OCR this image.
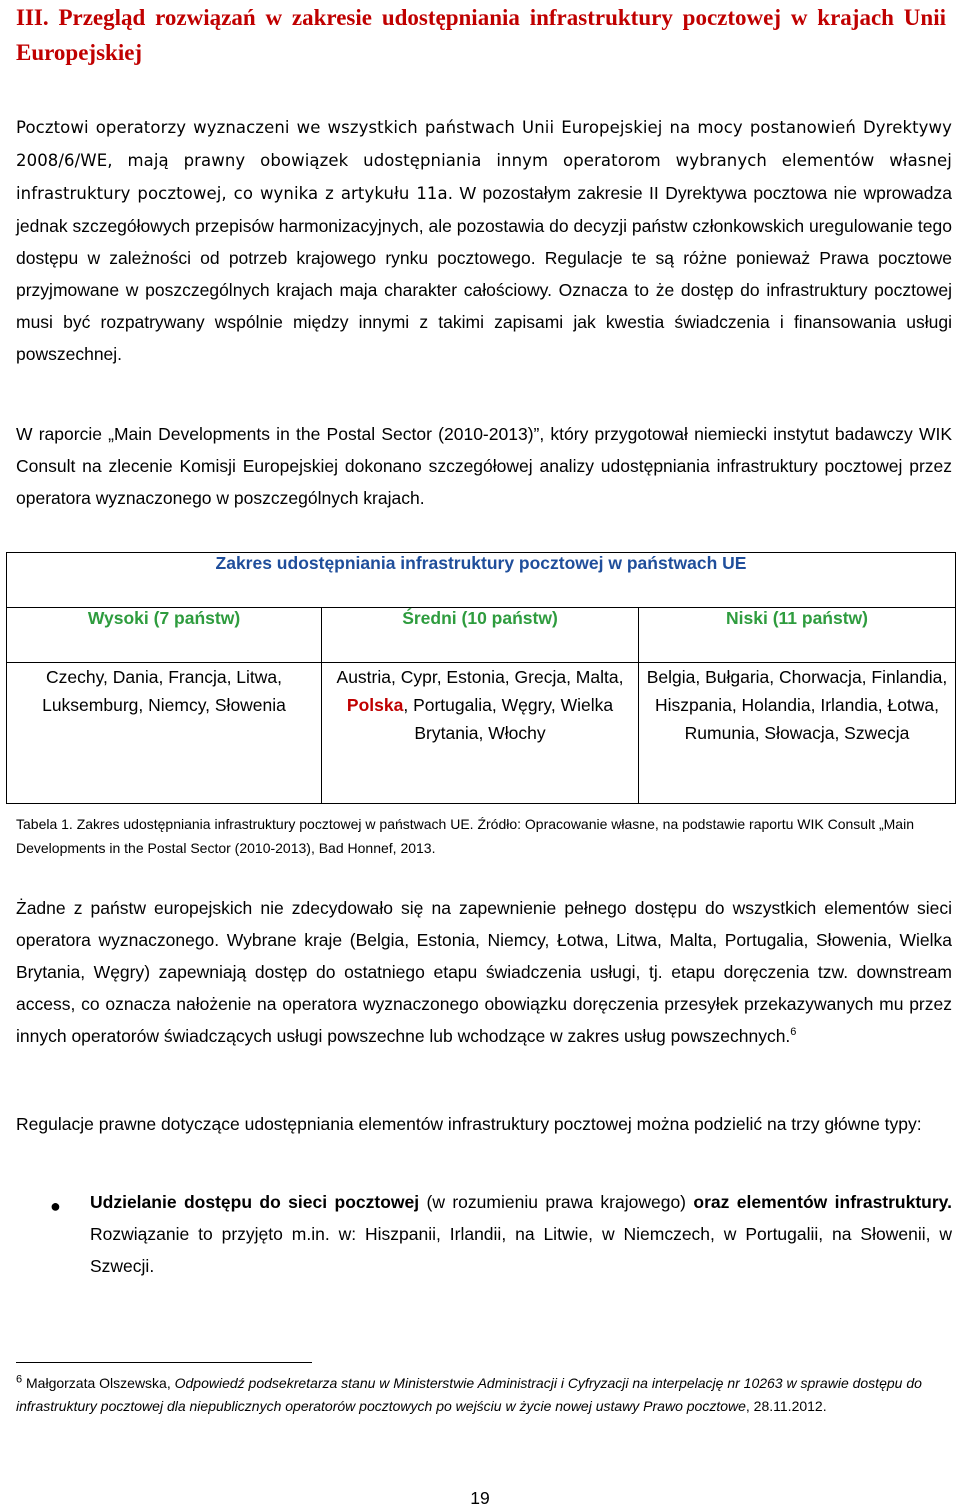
III. Przegląd rozwiązań w zakresie udostępniania infrastruktury pocztowej w krajach Unii Europejskiej

Pocztowi operatorzy wyznaczeni we wszystkich państwach Unii Europejskiej na mocy postanowień Dyrektywy 2008/6/WE, mają prawny obowiązek udostępniania innym operatorom wybranych elementów własnej infrastruktury pocztowej, co wynika z artykułu 11a. W pozostałym zakresie II Dyrektywa pocztowa nie wprowadza jednak szczegółowych przepisów harmonizacyjnych, ale pozostawia do decyzji państw członkowskich uregulowanie tego dostępu w zależności od potrzeb krajowego rynku pocztowego. Regulacje te są różne ponieważ Prawa pocztowe przyjmowane w poszczególnych krajach maja charakter całościowy. Oznacza to że dostęp do infrastruktury pocztowej musi być rozpatrywany wspólnie między innymi z takimi zapisami jak kwestia świadczenia i finansowania usługi powszechnej.

W raporcie „Main Developments in the Postal Sector (2010-2013)”, który przygotował niemiecki instytut badawczy WIK Consult na zlecenie Komisji Europejskiej dokonano szczegółowej analizy udostępniania infrastruktury pocztowej przez operatora wyznaczonego w poszczególnych krajach.

Zakres udostępniania infrastruktury pocztowej w państwach UE		
Wysoki (7 państw)	Średni (10 państw)	Niski (11 państw)
Czechy, Dania, Francja, Litwa, Luksemburg, Niemcy, Słowenia	Austria, Cypr, Estonia, Grecja, Malta, Polska, Portugalia, Węgry, Wielka Brytania, Włochy	Belgia, Bułgaria, Chorwacja, Finlandia, Hiszpania, Holandia, Irlandia, Łotwa, Rumunia, Słowacja, Szwecja

Tabela 1. Zakres udostępniania infrastruktury pocztowej w państwach UE. Źródło: Opracowanie własne, na podstawie raportu WIK Consult „Main Developments in the Postal Sector (2010-2013), Bad Honnef, 2013.

Żadne z państw europejskich nie zdecydowało się na zapewnienie pełnego dostępu do wszystkich elementów sieci operatora wyznaczonego. Wybrane kraje (Belgia, Estonia, Niemcy, Łotwa, Litwa, Malta, Portugalia, Słowenia, Wielka Brytania, Węgry) zapewniają dostęp do ostatniego etapu świadczenia usługi, tj. etapu doręczenia tzw. downstream access, co oznacza nałożenie na operatora wyznaczonego obowiązku doręczenia przesyłek przekazywanych mu przez innych operatorów świadczących usługi powszechne lub wchodzące w zakres usług powszechnych.$^6$

Regulacje prawne dotyczące udostępniania elementów infrastruktury pocztowej można podzielić na trzy główne typy:

● Udzielanie dostępu do sieci pocztowej (w rozumieniu prawa krajowego) oraz elementów infrastruktury. Rozwiązanie to przyjęto m.in. w: Hiszpanii, Irlandii, na Litwie, w Niemczech, w Portugalii, na Słowenii, w Szwecji.

$^6$ Małgorzata Olszewska, Odpowiedź podsekretarza stanu w Ministerstwie Administracji i Cyfryzacji na interpelację nr 10263 w sprawie dostępu do infrastruktury pocztowej dla niepublicznych operatorów pocztowych po wejściu w życie nowej ustawy Prawo pocztowe, 28.11.2012.

19
